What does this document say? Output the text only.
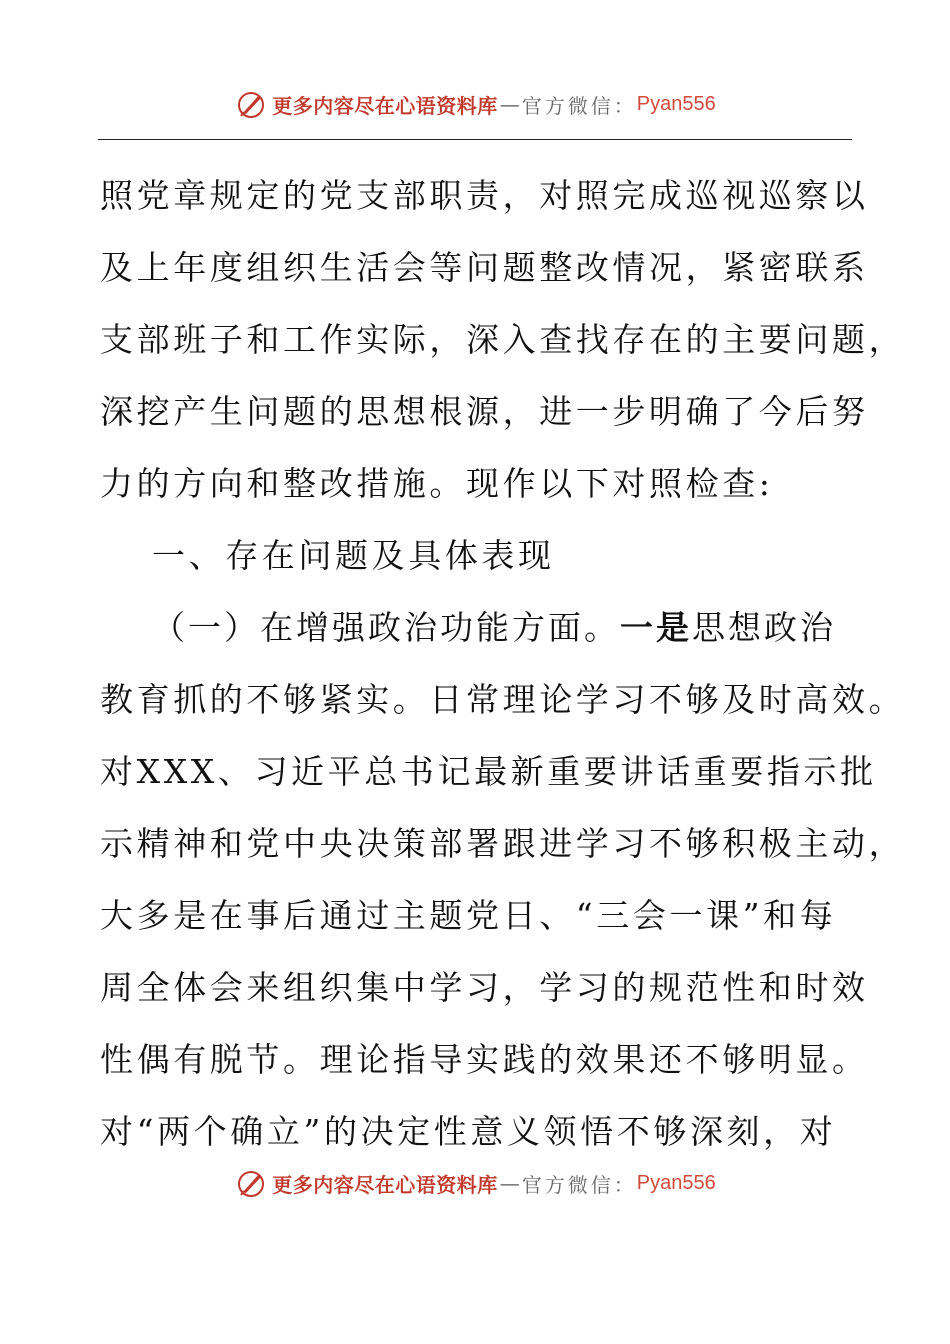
更多内容尽在心语资料库 — 官方微信： Pyan556
照党章规定的党支部职责，对照完成巡视巡察以
及上年度组织生活会等问题整改情况，紧密联系
支部班子和工作实际，深入查找存在的主要问题，
深挖产生问题的思想根源，进一步明确了今后努
力的方向和整改措施。现作以下对照检查:
一、存在问题及具体表现
（一）在增强政治功能方面。一是思想政治
教育抓的不够紧实。日常理论学习不够及时高效。
对XXX、习近平总书记最新重要讲话重要指示批
示精神和党中央决策部署跟进学习不够积极主动，
大多是在事后通过主题党日、“三会一课”和每
周全体会来组织集中学习，学习的规范性和时效
性偶有脱节。理论指导实践的效果还不够明显。
对“两个确立”的决定性意义领悟不够深刻，对
更多内容尽在心语资料库 — 官方微信： Pyan556
